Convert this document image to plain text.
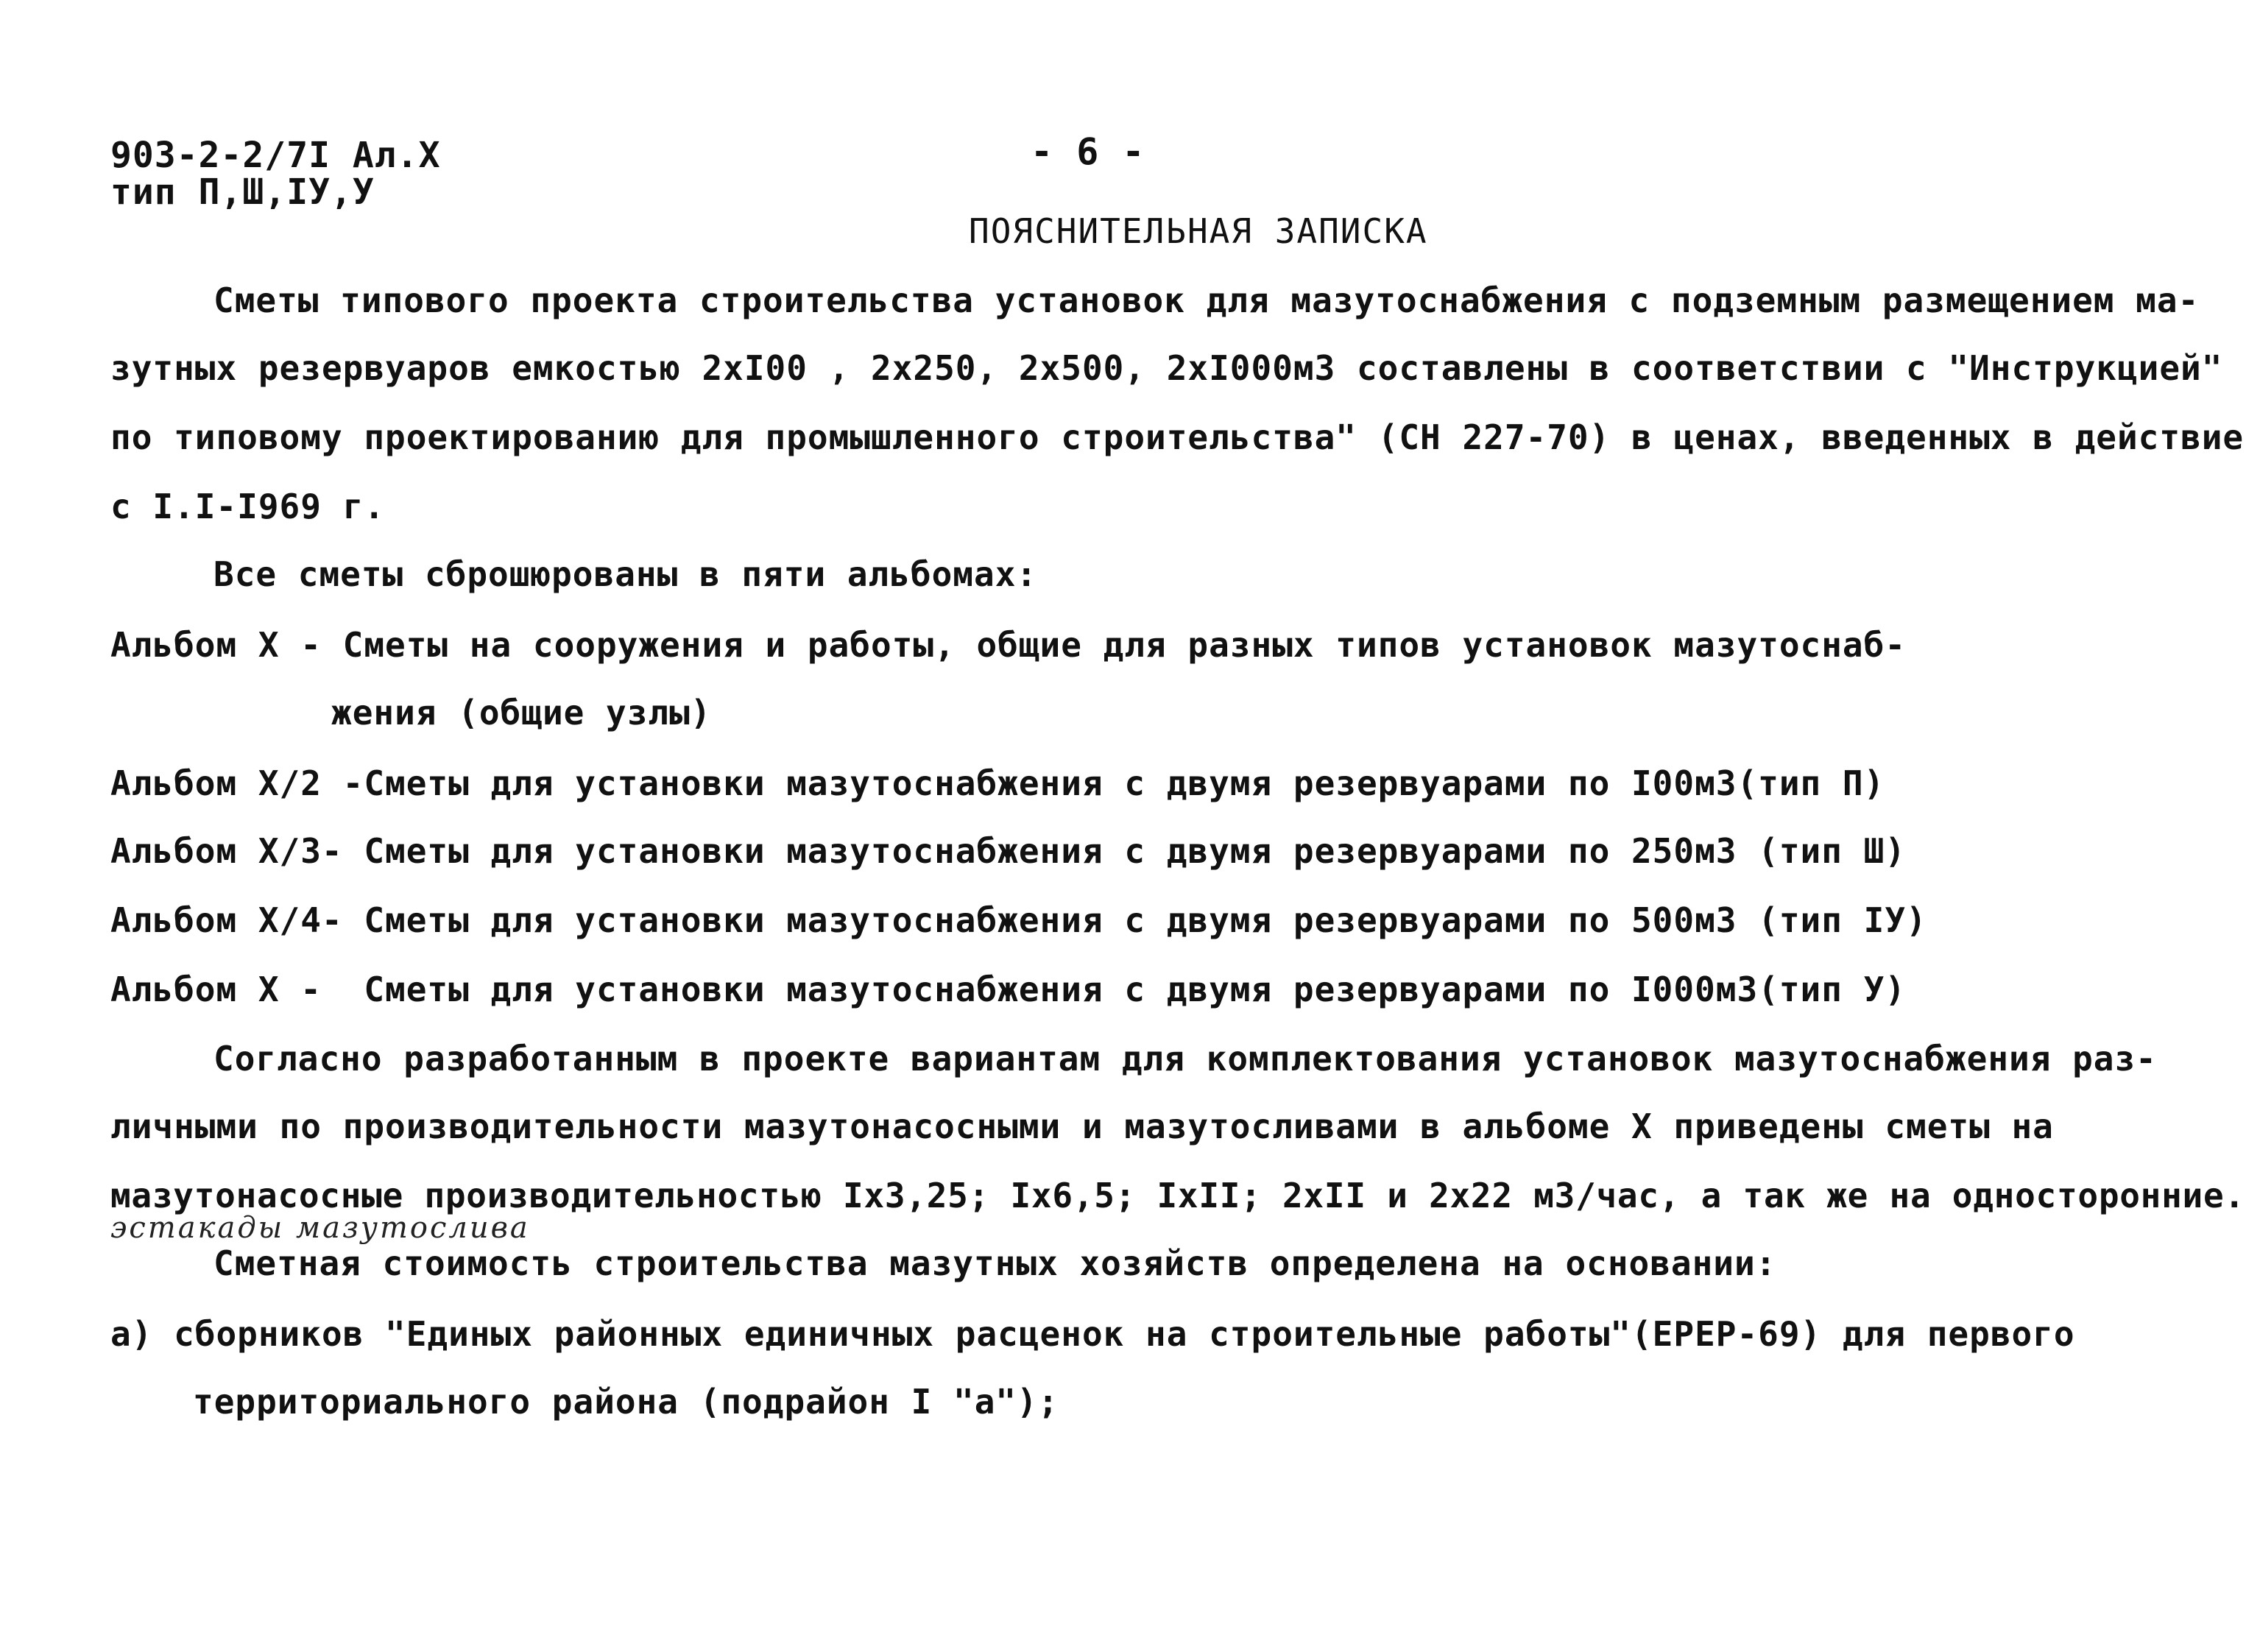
903-2-2/7I Ал.Х
тип П,Ш,IУ,У
- 6 -
ПОЯСНИТЕЛЬНАЯ ЗАПИСКА
Сметы типового проекта строительства установок для мазутоснабжения с подземным размещением ма-
зутных резервуаров емкостью 2хI00 , 2х250, 2х500, 2хI000м3 составлены в соответствии с "Инструкцией"
по типовому проектированию для промышленного строительства" (СН 227-70) в ценах, введенных в действие
с I.I-I969 г.
Все сметы сброшюрованы в пяти альбомах:
Альбом Х - Сметы на сооружения и работы, общие для разных типов установок мазутоснаб-
жения (общие узлы)
Альбом Х/2 -Сметы для установки мазутоснабжения с двумя резервуарами по I00м3(тип П)
Альбом Х/3- Сметы для установки мазутоснабжения с двумя резервуарами по 250м3 (тип Ш)
Альбом Х/4- Сметы для установки мазутоснабжения с двумя резервуарами по 500м3 (тип IУ)
Альбом Х -  Сметы для установки мазутоснабжения с двумя резервуарами по I000м3(тип У)
Согласно разработанным в проекте вариантам для комплектования установок мазутоснабжения раз-
личными по производительности мазутонасосными и мазутосливами в альбоме Х приведены сметы на
мазутонасосные производительностью Iх3,25; Iх6,5; IхII; 2хII и 2х22 м3/час, а так же на односторонние.
эстакады мазутослива
Сметная стоимость строительства мазутных хозяйств определена на основании:
а) сборников "Единых районных единичных расценок на строительные работы"(ЕРЕР-69) для первого
территориального района (подрайон I "а");
